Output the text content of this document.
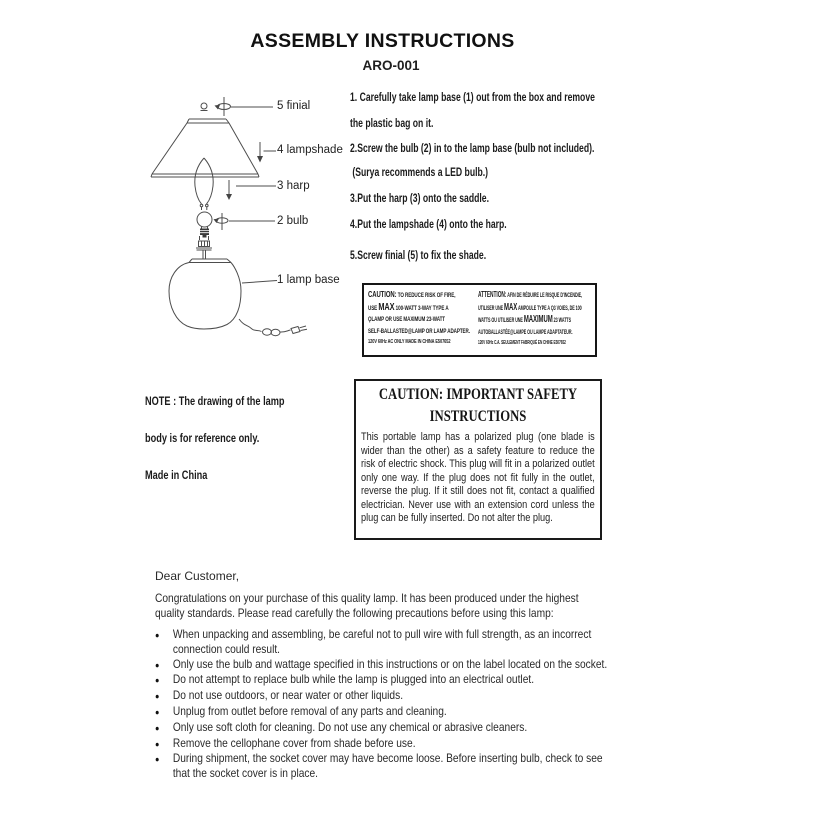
ASSEMBLY INSTRUCTIONS
ARO-001
5 finial
4 lampshade
3 harp
2 bulb
1 lamp base
1. Carefully take lamp base (1) out from the box and remove
the plastic bag on it.
2.Screw the bulb (2) in to the lamp base (bulb not included).
(Surya recommends a LED bulb.)
3.Put the harp (3) onto the saddle.
4.Put the lampshade (4) onto the harp.
5.Screw finial (5) to fix the shade.
CAUTION: TO REDUCE RISK OF FIRE,
USE MAX 100-WATT 3-WAY TYPE A
ϘLAMP OR USE MAXIMUM 23-WATT
SELF-BALLASTED@LAMP OR LAMP ADAPTER.
120V 60Hz AC ONLY MADE IN CHINA E507652
ATTENTION: AFIN DE RÉDUIRE LE RISQUE D'INCENDIE,
UTILISER UNE MAX AMPOULE TYPE A Ϙ3 VOIES, DE 100
WATTS OU UTILISER UNE MAXIMUM 23 WATTS
AUTOBALLASTÉE@LAMPE OU LAMPE ADAPTATEUR.
120V 60Hz C.A. SEULEMENT FABRIQUÉ EN CHINE E507652
CAUTION: IMPORTANT SAFETY
INSTRUCTIONS

This portable lamp has a polarized plug (one blade is wider than the other) as a safety feature to reduce the risk of electric shock. This plug will fit in a polarized outlet only one way. If the plug does not fit fully in the outlet, reverse the plug. If it still does not fit, contact a qualified electrician. Never use with an extension cord unless the plug can be fully inserted. Do not alter the plug.

NOTE : The drawing of the lamp
body is for reference only.
Made in China
Dear Customer,
Congratulations on your purchase of this quality lamp. It has been produced under the highest quality standards. Please read carefully the following precautions before using this lamp:
●	When unpacking and assembling, be careful not to pull wire with full strength, as an incorrect connection could result.
●	Only use the bulb and wattage specified in this instructions or on the label located on the socket.
●	Do not attempt to replace bulb while the lamp is plugged into an electrical outlet.
●	Do not use outdoors, or near water or other liquids.
●	Unplug from outlet before removal of any parts and cleaning.
●	Only use soft cloth for cleaning. Do not use any chemical or abrasive cleaners.
●	Remove the cellophane cover from shade before use.
●	During shipment, the socket cover may have become loose. Before inserting bulb, check to see that the socket cover is in place.
